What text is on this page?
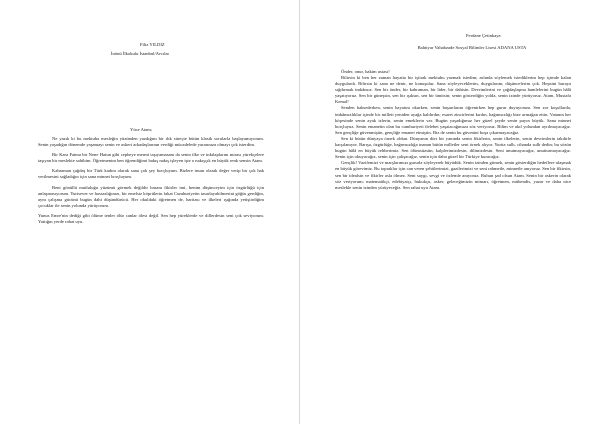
Filiz YILDIZ
İnönü İlkokulu İstanbul/Avcılar
Yüce Atam;

Ne yazık ki bu mektuba mesleğin yüzünden yazdığım bir ılık süreçte bütün klasik sorularla başlayamıyorum. Senin yaşadığın dönemde yaşamayı senin ve askeri arkadaşlarının verdiği mücadelede yararınıza olmayı çok isterdim.

Bir Kara Fatma bir Nene Hatun gibi cepheye mermi taşıyamasam da senin ilke ve inkılaplarını mirası yürekçelere taşıyan bir meslekte sahibim. Öğretmenim ben öğrendiğimi bakış nakış işleyen işte o nakışçık en büyük renk sensin Atam.

Kahraman çağdaş bir Türk kadını olarak sana çok şey borçluyum. Bizlere insan olarak değer verip bir çok hak verilmesini sağladığın için sana minnet borçluyum.

Beni gönüllü mutluluğu yüzümü görmek değildir basanı fikirler imi, benim düşünceyim için özgürlüğü için anlaşmasıyorum. Yurtsever ve hassaslığınızı, bir emelsiz köprülerin fakat Cumhuriyetin tasarlayabilmesini göğüs gerdiğin, aynı çalışma gücünü bugün dahi düşündürücü. Her okuldaki öğretmen de, haritası ve ilkeleri ışığında yetiştirdiğim çocuklar ile senin yolunda yürüyorum.

Yunus Emre'nin dediği gibi ölüme tenler ölür canlar ölesi değil. Sen hep yüreklerde ve dillerdesin seni çok seviyorum. Yattığın yerde rahat uyu.

Ferdane Çetinkaya
Bahtiyar Vahabzade Sosyal Bilimler Lisesi ADANA USTA
Önder, onur, hakim ustası!

Bilirsin ki ben her zaman hayatta bir iştirak mektubu yazmak istedim; aslında söylemek istediklerim hep içimde kalan duygulardı. Bilirsin ki sana ne denir, ne konuşulur. Sana söyleyeceklerim, duygularım, düşüncelerim çok. Hepsini buraya sığdırmak imkânsız. Sen bir önder, bir kahraman, bir lider, bir dahisin. Devrimlerini ve çağdaşlaşma hamlelerini bugün hâlâ yaşatıyoruz. Sen bir güneşsin, sen bir ışıksın, sen bir ümitsin; senin gösterdiğin yolda, senin izinde yürüyoruz. Atam, Mustafa Kemal!

Senden bahsederken, senin hayatını okurken, senin başarılarını öğrenirken hep gurur duyuyorum. Sen zor koşullarda, imkânsızlıklar içinde bir milleti yeniden ayağa kaldırdın; esaret zincirlerini kırdın, bağımsızlığı bize armağan ettin. Vatanın her köşesinde senin ayak izlerin, senin emeklerin var. Bugün yaşadığımız her güzel şeyde senin payın büyük. Sana minnet borçluyuz. Senin emanetin olan bu cumhuriyeti ilelebet yaşatacağımıza söz veriyoruz. Bilim ve akıl yolundan ayrılmayacağız. Sen gençliğe güvenmiştin, gençliğe emanet etmiştin. Biz de senin bu güvenini boşa çıkarmayacağız.

Sen ki bütün dünyaya örnek oldun. Dünyanın dört bir yanında senin fikirlerin, senin ilkelerin, senin devrimlerin takdirle karşılanıyor. Barışa, özgürlüğe, bağımsızlığa inanan bütün milletler seni örnek alıyor. Yurtta sulh, cihanda sulh dedin; bu sözün bugün hâlâ en büyük rehberimiz. Sen ölümsüzsün, kalplerimizdesin, dilimizdesin. Seni unutmayacağız, unutturmayacağız. Senin için okuyacağız, senin için çalışacağız, senin için daha güzel bir Türkiye kuracağız.

Gençlik! Vazifemizi ve marşlarımızı gururla söyleyerek büyüdük. Senin izinden gitmek, senin gösterdiğin hedeflere ulaşmak en büyük görevimiz. Bu topraklar için can veren şehitlerimizi, gazilerimizi ve seni rahmetle, minnetle anıyoruz. Sen bir fikirsin, sen bir idealsin ve fikirler asla ölmez. Seni saygı, sevgi ve özlemle anıyoruz. Ruhun şad olsun Atam. Senin bir askerin olarak söz veriyorum; matematikçi, edebiyatçı, hukukçu, asker, geleceğimizin mimarı, öğretmen, mühendis, yazar ve daha nice meslekle senin izinden yürüyeceğiz. Sen rahat uyu Atam.
